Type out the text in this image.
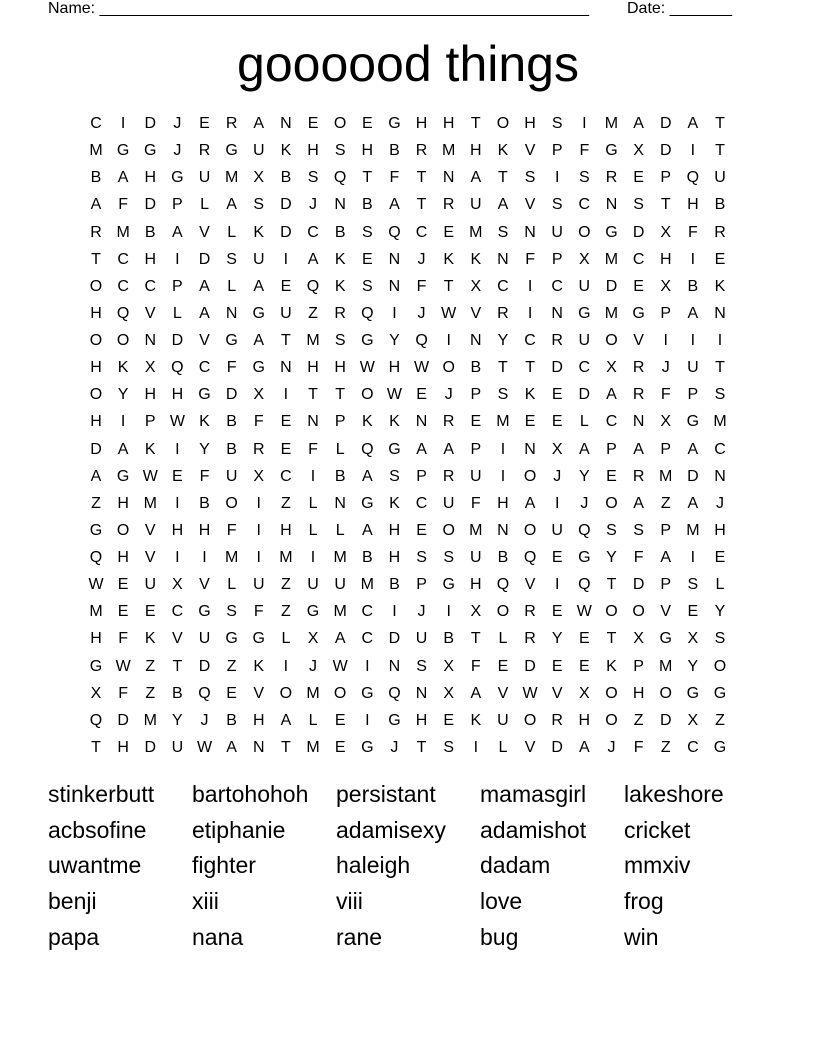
Name: _______________________________________________________ Date: _______
goooood things
C	I	D	J	E	R	A	N	E O E G H H	T	O H	S	I	M A	D	A	T
M G G	J	R G U	K	H	S	H	B	R M H	K	V	P	F	G X	D	I	T
B	A	H G U M X	B	S Q	T	F	T	N	A	T	S	I	S	R	E	P Q U
A	F	D	P	L	A	S	D	J	N	B	A	T	R U	A	V	S	C N	S	T	H	B
R M B	A	V	L	K	D C	B	S Q C	E M S	N U O G D	X	F	R
T	C H	I	D	S	U	I	A	K	E	N	J	K	K	N	F	P	X M C H	I	E
O C C	P	A	L	A	E Q K	S	N	F	T	X	C	I	C U D	E	X	B	K
H Q V	L	A	N G U	Z	R Q	I	J W V	R	I	N G M G P	A	N
O O N D	V G A	T M S G Y Q	I	N	Y	C R U O V	I	I	I
H	K	X Q C	F	G N H H W H W O B	T	T	D C	X	R	J	U	T
O Y	H H G D	X	I	T	T	O W E	J	P	S	K	E	D	A	R	F	P	S
H	I	P W K	B	F	E	N	P	K	K	N R	E M E	E	L	C N	X G M
D	A	K	I	Y	B	R	E	F	L	Q G A	A	P	I	N	X	A	P	A	P	A	C
A G W E	F	U	X	C	I	B	A	S	P	R U	I	O	J	Y	E	R M D N
Z	H M	I	B O	I	Z	L	N G K	C U	F	H	A	I	J	O A	Z	A	J
G O V	H H	F	I	H	L	L	A	H	E O M N O U Q S	S	P M H
Q H	V	I	I	M	I	M	I	M B	H	S	S	U	B Q E G Y	F	A	I	E
W E	U	X	V	L	U	Z	U U M B	P G H Q V	I	Q	T	D	P	S	L
M E	E	C G S	F	Z	G M C	I	J	I	X O R	E W O O V	E	Y
H	F	K	V	U G G	L	X	A	C D U	B	T	L	R	Y	E	T	X G X	S
G W Z	T	D	Z	K	I	J W	I	N	S	X	F	E	D	E	E	K	P M Y O
X	F	Z	B Q E	V O M O G Q N	X	A	V W V	X O H O G G
Q D M Y	J	B	H	A	L	E	I	G H	E	K	U O R H O	Z	D	X	Z
T	H D U W A	N	T M E G	J	T	S	I	L	V	D	A	J	F	Z	C G
stinkerbutt bartohohoh persistant mamasgirl lakeshore
acbsofine etiphanie adamisexy adamishot cricket
uwantme fighter	haleigh	dadam	mmxiv
benji	xiii	viii	love	frog
papa	nana	rane	bug	win
